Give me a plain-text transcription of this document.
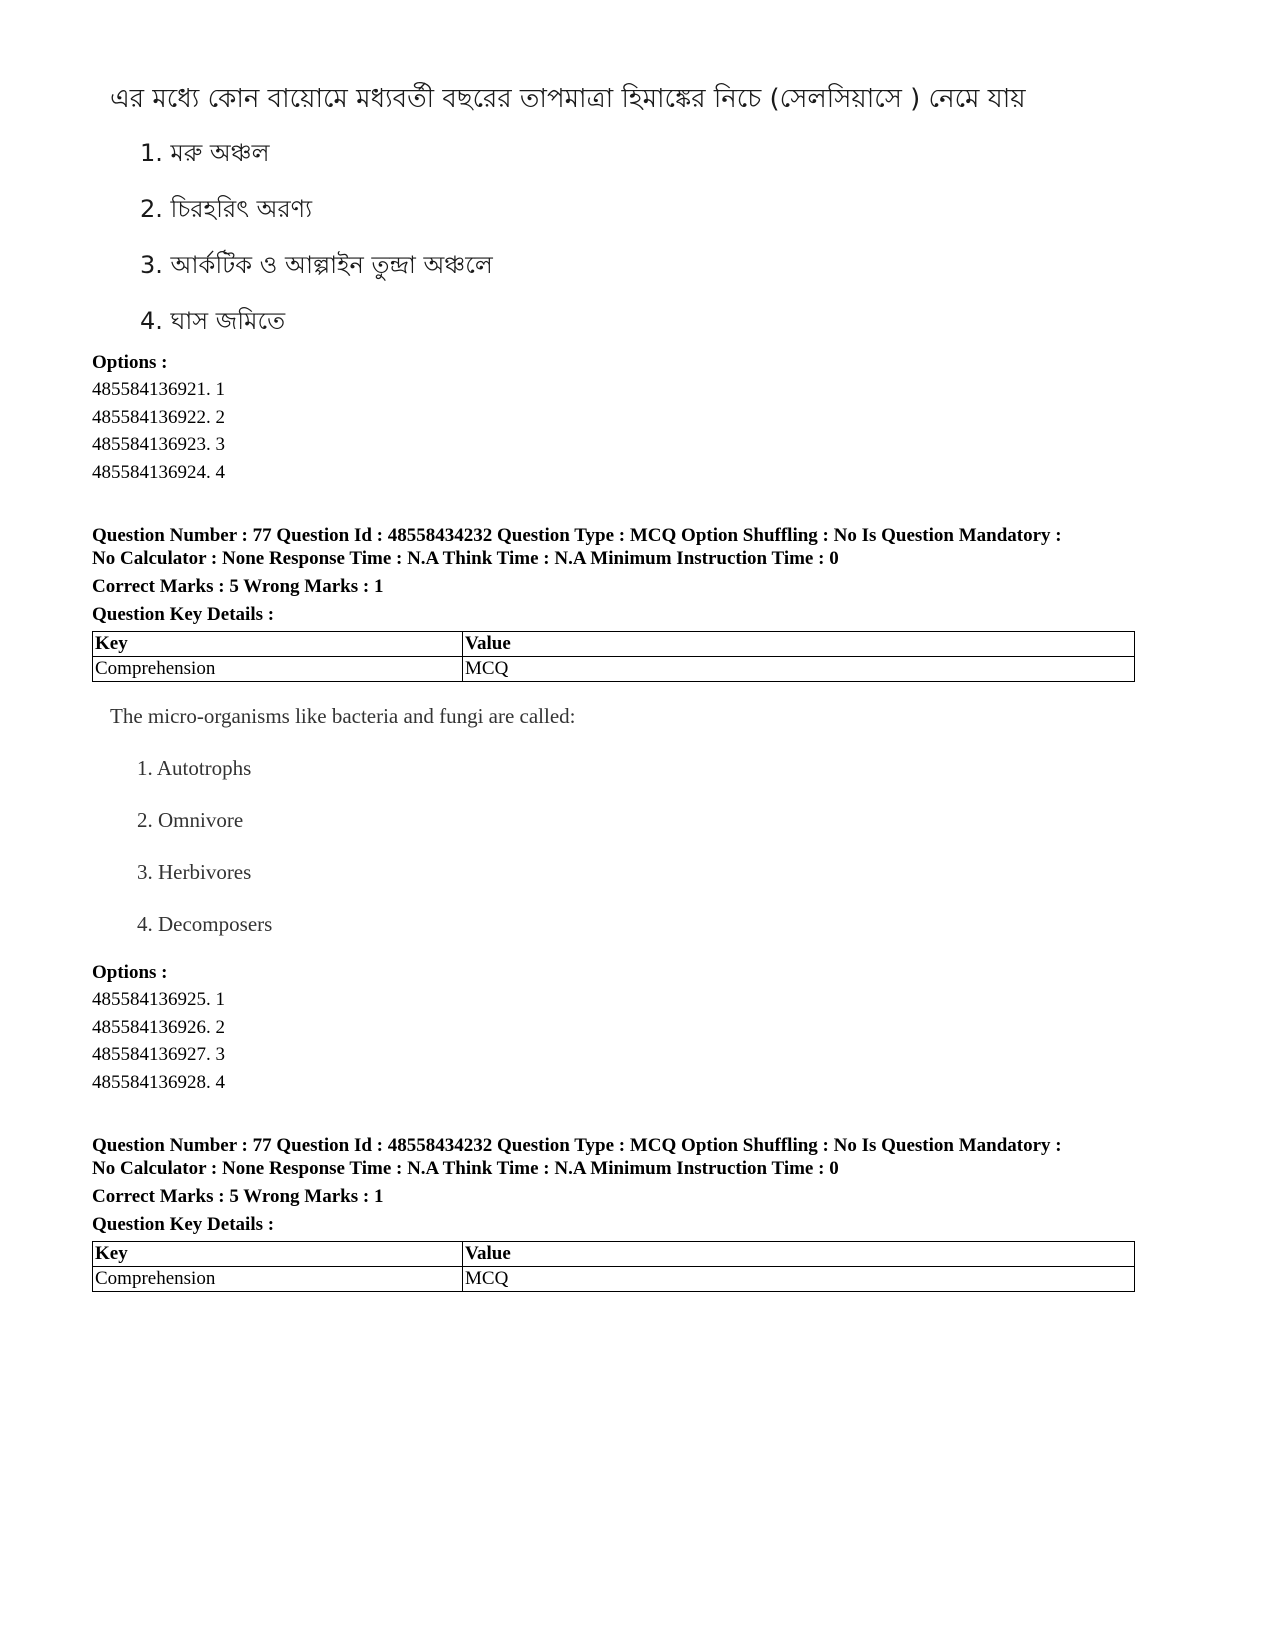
এর মধ্যে কোন বায়োমে মধ্যবর্তী বছরের তাপমাত্রা হিমাঙ্কের নিচে (সেলসিয়াসে ) নেমে যায়
1. মরু অঞ্চল
2. চিরহরিৎ অরণ্য
3. আর্কটিক ও আল্পাইন তুন্দ্রা অঞ্চলে
4. ঘাস জমিতে
Options :
485584136921. 1
485584136922. 2
485584136923. 3
485584136924. 4
Question Number : 77 Question Id : 48558434232 Question Type : MCQ Option Shuffling : No Is Question Mandatory :
No Calculator : None Response Time : N.A Think Time : N.A Minimum Instruction Time : 0
Correct Marks : 5 Wrong Marks : 1
Question Key Details :
Key	Value
Comprehension	MCQ
The micro-organisms like bacteria and fungi are called:
1. Autotrophs
2. Omnivore
3. Herbivores
4. Decomposers
Options :
485584136925. 1
485584136926. 2
485584136927. 3
485584136928. 4
Question Number : 77 Question Id : 48558434232 Question Type : MCQ Option Shuffling : No Is Question Mandatory :
No Calculator : None Response Time : N.A Think Time : N.A Minimum Instruction Time : 0
Correct Marks : 5 Wrong Marks : 1
Question Key Details :
Key	Value
Comprehension	MCQ
